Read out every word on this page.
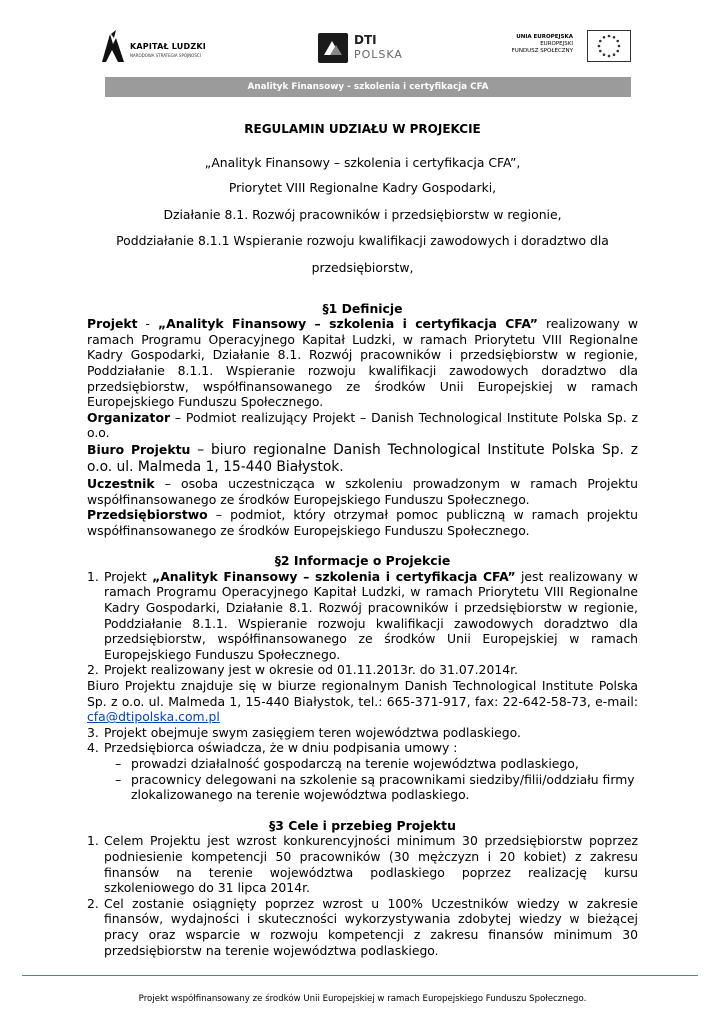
KAPITAŁ LUDZKI
NARODOWA STRATEGIA SPÓJNOŚCI
DTI
POLSKA
UNIA EUROPEJSKA
EUROPEJSKI
FUNDUSZ SPOŁECZNY
Analityk Finansowy - szkolenia i certyfikacja CFA

REGULAMIN UDZIAŁU W PROJEKCIE

„Analityk Finansowy – szkolenia i certyfikacja CFA”,

Priorytet VIII Regionalne Kadry Gospodarki,

Działanie 8.1. Rozwój pracowników i przedsiębiorstw w regionie,

Poddziałanie 8.1.1 Wspieranie rozwoju kwalifikacji zawodowych i doradztwo dla

przedsiębiorstw,

§1 Definicje

Projekt - „Analityk Finansowy – szkolenia i certyfikacja CFA” realizowany w ramach Programu Operacyjnego Kapitał Ludzki, w ramach Priorytetu VIII Regionalne Kadry Gospodarki, Działanie 8.1. Rozwój pracowników i przedsiębiorstw w regionie, Poddziałanie 8.1.1. Wspieranie rozwoju kwalifikacji zawodowych doradztwo dla przedsiębiorstw, współfinansowanego ze środków Unii Europejskiej w ramach Europejskiego Funduszu Społecznego.

Organizator – Podmiot realizujący Projekt – Danish Technological Institute Polska Sp. z o.o.

Biuro Projektu – biuro regionalne Danish Technological Institute Polska Sp. z o.o. ul. Malmeda 1, 15-440 Białystok.

Uczestnik – osoba uczestnicząca w szkoleniu prowadzonym w ramach Projektu współfinansowanego ze środków Europejskiego Funduszu Społecznego.

Przedsiębiorstwo – podmiot, który otrzymał pomoc publiczną w ramach projektu współfinansowanego ze środków Europejskiego Funduszu Społecznego.

§2 Informacje o Projekcie

1. Projekt „Analityk Finansowy – szkolenia i certyfikacja CFA” jest realizowany w ramach Programu Operacyjnego Kapitał Ludzki, w ramach Priorytetu VIII Regionalne Kadry Gospodarki, Działanie 8.1. Rozwój pracowników i przedsiębiorstw w regionie, Poddziałanie 8.1.1. Wspieranie rozwoju kwalifikacji zawodowych doradztwo dla przedsiębiorstw, współfinansowanego ze środków Unii Europejskiej w ramach Europejskiego Funduszu Społecznego.
2. Projekt realizowany jest w okresie od 01.11.2013r. do 31.07.2014r.

Biuro Projektu znajduje się w biurze regionalnym Danish Technological Institute Polska Sp. z o.o. ul. Malmeda 1, 15-440 Białystok, tel.: 665-371-917, fax: 22-642-58-73, e-mail: cfa@dtipolska.com.pl

3. Projekt obejmuje swym zasięgiem teren województwa podlaskiego.
4. Przedsiębiorca oświadcza, że w dniu podpisania umowy :
– prowadzi działalność gospodarczą na terenie województwa podlaskiego,
– pracownicy delegowani na szkolenie są pracownikami siedziby/filii/oddziału firmy zlokalizowanego na terenie województwa podlaskiego.

§3 Cele i przebieg Projektu

1. Celem Projektu jest wzrost konkurencyjności minimum 30 przedsiębiorstw poprzez podniesienie kompetencji 50 pracowników (30 mężczyzn i 20 kobiet) z zakresu finansów na terenie województwa podlaskiego poprzez realizację kursu szkoleniowego do 31 lipca 2014r.
2. Cel zostanie osiągnięty poprzez wzrost u 100% Uczestników wiedzy w zakresie finansów, wydajności i skuteczności wykorzystywania zdobytej wiedzy w bieżącej pracy oraz wsparcie w rozwoju kompetencji z zakresu finansów minimum 30 przedsiębiorstw na terenie województwa podlaskiego.
Projekt współfinansowany ze środków Unii Europejskiej w ramach Europejskiego Funduszu Społecznego.
